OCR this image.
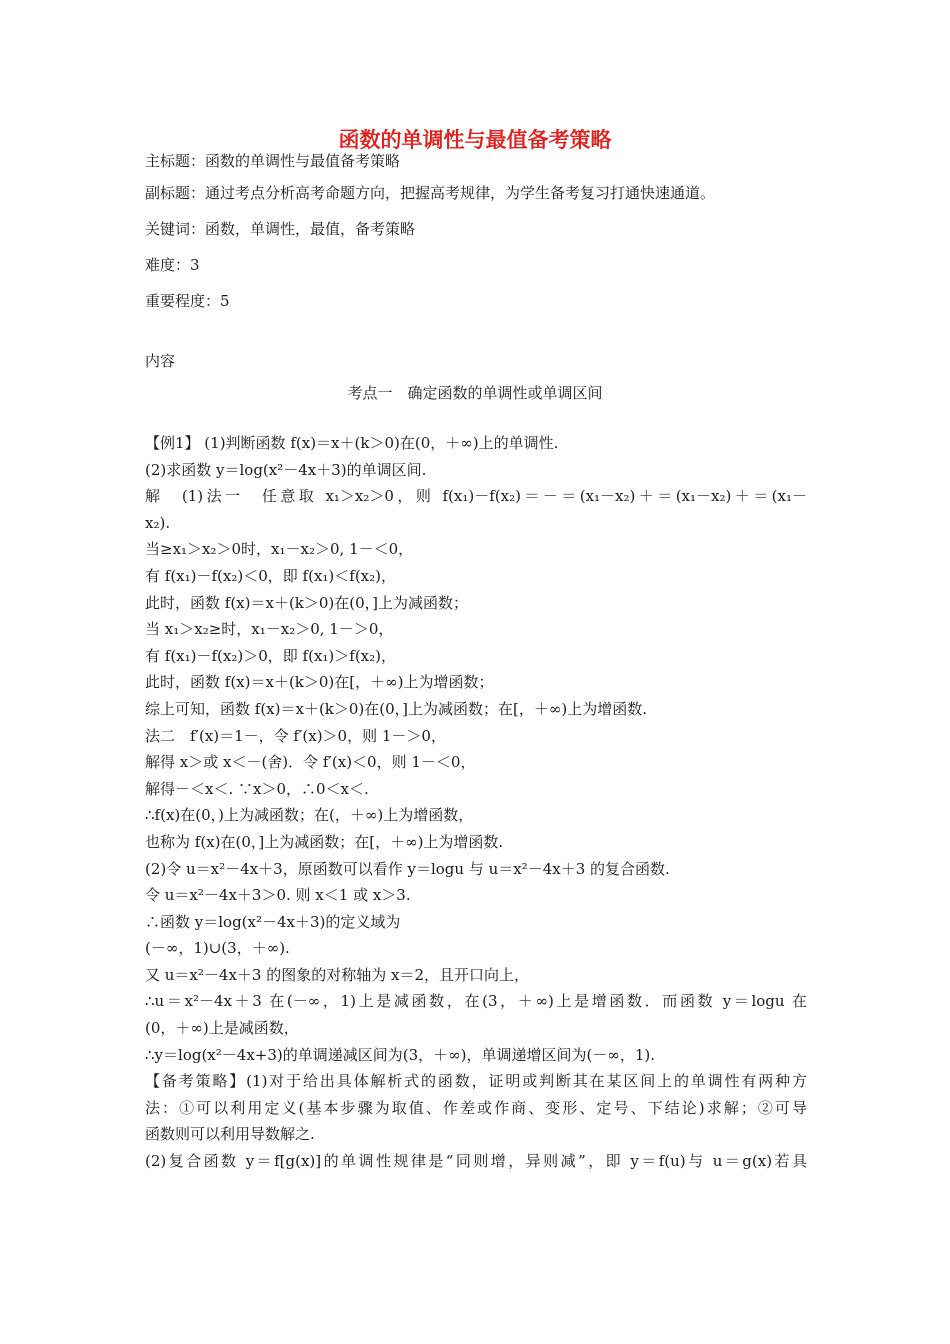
函数的单调性与最值备考策略
主标题：函数的单调性与最值备考策略
副标题：通过考点分析高考命题方向，把握高考规律，为学生备考复习打通快速通道。
关键词：函数，单调性，最值，备考策略
难度：3
重要程度：5
内容
考点一　确定函数的单调性或单调区间
【例1】 (1)判断函数 f(x)＝x＋(k＞0)在(0，＋∞)上的单调性.
(2)求函数 y＝log(x²－4x＋3)的单调区间.
解　(1)法一　任意取 x₁＞x₂＞0，则 f(x₁)－f(x₂)＝－＝(x₁－x₂)＋＝(x₁－x₂)＋＝(x₁－
x₂).
当≥x₁＞x₂＞0时，x₁－x₂＞0, 1－＜0，
有 f(x₁)－f(x₂)＜0，即 f(x₁)＜f(x₂)，
此时，函数 f(x)＝x＋(k＞0)在(0，]上为减函数；
当 x₁＞x₂≥时，x₁－x₂＞0, 1－＞0，
有 f(x₁)－f(x₂)＞0，即 f(x₁)＞f(x₂)，
此时，函数 f(x)＝x＋(k＞0)在[，＋∞)上为增函数；
综上可知，函数 f(x)＝x＋(k＞0)在(0，]上为减函数；在[，＋∞)上为增函数.
法二　f′(x)＝1－，令 f′(x)＞0，则 1－＞0，
解得 x＞或 x＜－(舍)．令 f′(x)＜0，则 1－＜0，
解得－＜x＜. ∵x＞0，∴0＜x＜.
∴f(x)在(0，)上为减函数；在(，＋∞)上为增函数，
也称为 f(x)在(0，]上为减函数；在[，＋∞)上为增函数.
(2)令 u＝x²－4x＋3，原函数可以看作 y＝logu 与 u＝x²－4x＋3 的复合函数.
令 u＝x²－4x＋3＞0. 则 x＜1 或 x＞3.
∴函数 y＝log(x²－4x＋3)的定义域为
(－∞，1)∪(3，＋∞).
又 u＝x²－4x＋3 的图象的对称轴为 x＝2，且开口向上，
∴u＝x²－4x＋3 在(－∞，1)上是减函数，在(3，＋∞)上是增函数．而函数 y＝logu 在
(0，＋∞)上是减函数，
∴y＝log(x²－4x+3)的单调递减区间为(3，＋∞)，单调递增区间为(－∞，1).
【备考策略】(1)对于给出具体解析式的函数，证明或判断其在某区间上的单调性有两种方
法：①可以利用定义(基本步骤为取值、作差或作商、变形、定号、下结论)求解；②可导
函数则可以利用导数解之.
(2)复合函数 y＝f[g(x)]的单调性规律是“同则增，异则减”，即 y＝f(u)与 u＝g(x)若具
